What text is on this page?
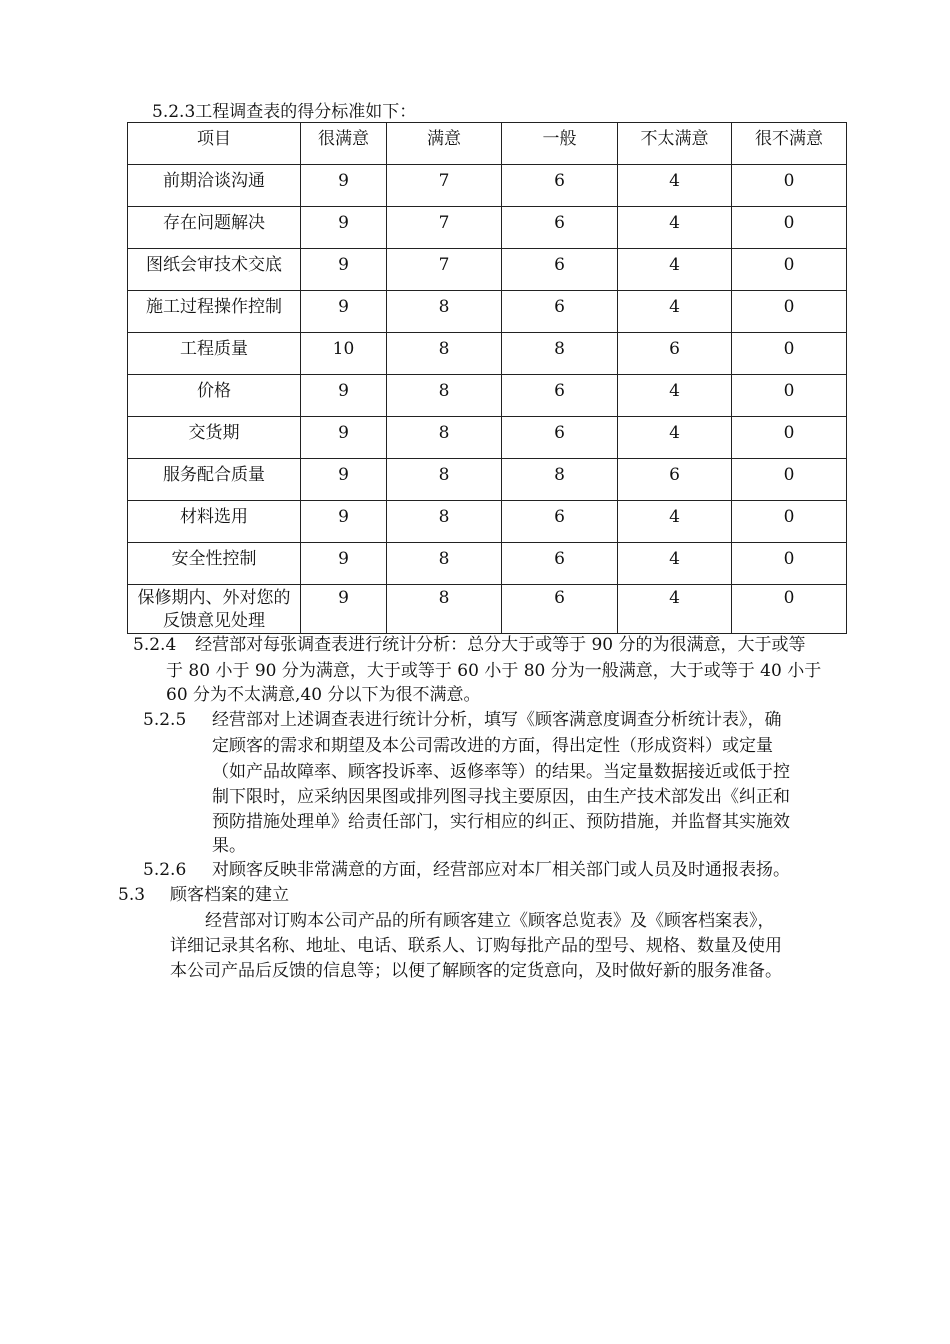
5.2.3工程调查表的得分标准如下：
项目	很满意	满意	一般	不太满意	很不满意
前期洽谈沟通	9	7	6	4	0
存在问题解决	9	7	6	4	0
图纸会审技术交底	9	7	6	4	0
施工过程操作控制	9	8	6	4	0
工程质量	10	8	8	6	0
价格	9	8	6	4	0
交货期	9	8	6	4	0
服务配合质量	9	8	8	6	0
材料选用	9	8	6	4	0
安全性控制	9	8	6	4	0
保修期内、外对您的反馈意见处理	9	8	6	4	0
5.2.4 经营部对每张调查表进行统计分析：总分大于或等于 90 分的为很满意，大于或等
于 80 小于 90 分为满意，大于或等于 60 小于 80 分为一般满意，大于或等于 40 小于
60 分为不太满意,40 分以下为很不满意。
5.2.5 经营部对上述调查表进行统计分析，填写《顾客满意度调查分析统计表》，确
定顾客的需求和期望及本公司需改进的方面，得出定性（形成资料）或定量
（如产品故障率、顾客投诉率、返修率等）的结果。当定量数据接近或低于控
制下限时，应采纳因果图或排列图寻找主要原因，由生产技术部发出《纠正和
预防措施处理单》给责任部门，实行相应的纠正、预防措施，并监督其实施效
果。
5.2.6 对顾客反映非常满意的方面，经营部应对本厂相关部门或人员及时通报表扬。
5.3 顾客档案的建立
经营部对订购本公司产品的所有顾客建立《顾客总览表》及《顾客档案表》，
详细记录其名称、地址、电话、联系人、订购每批产品的型号、规格、数量及使用
本公司产品后反馈的信息等；以便了解顾客的定货意向，及时做好新的服务准备。
